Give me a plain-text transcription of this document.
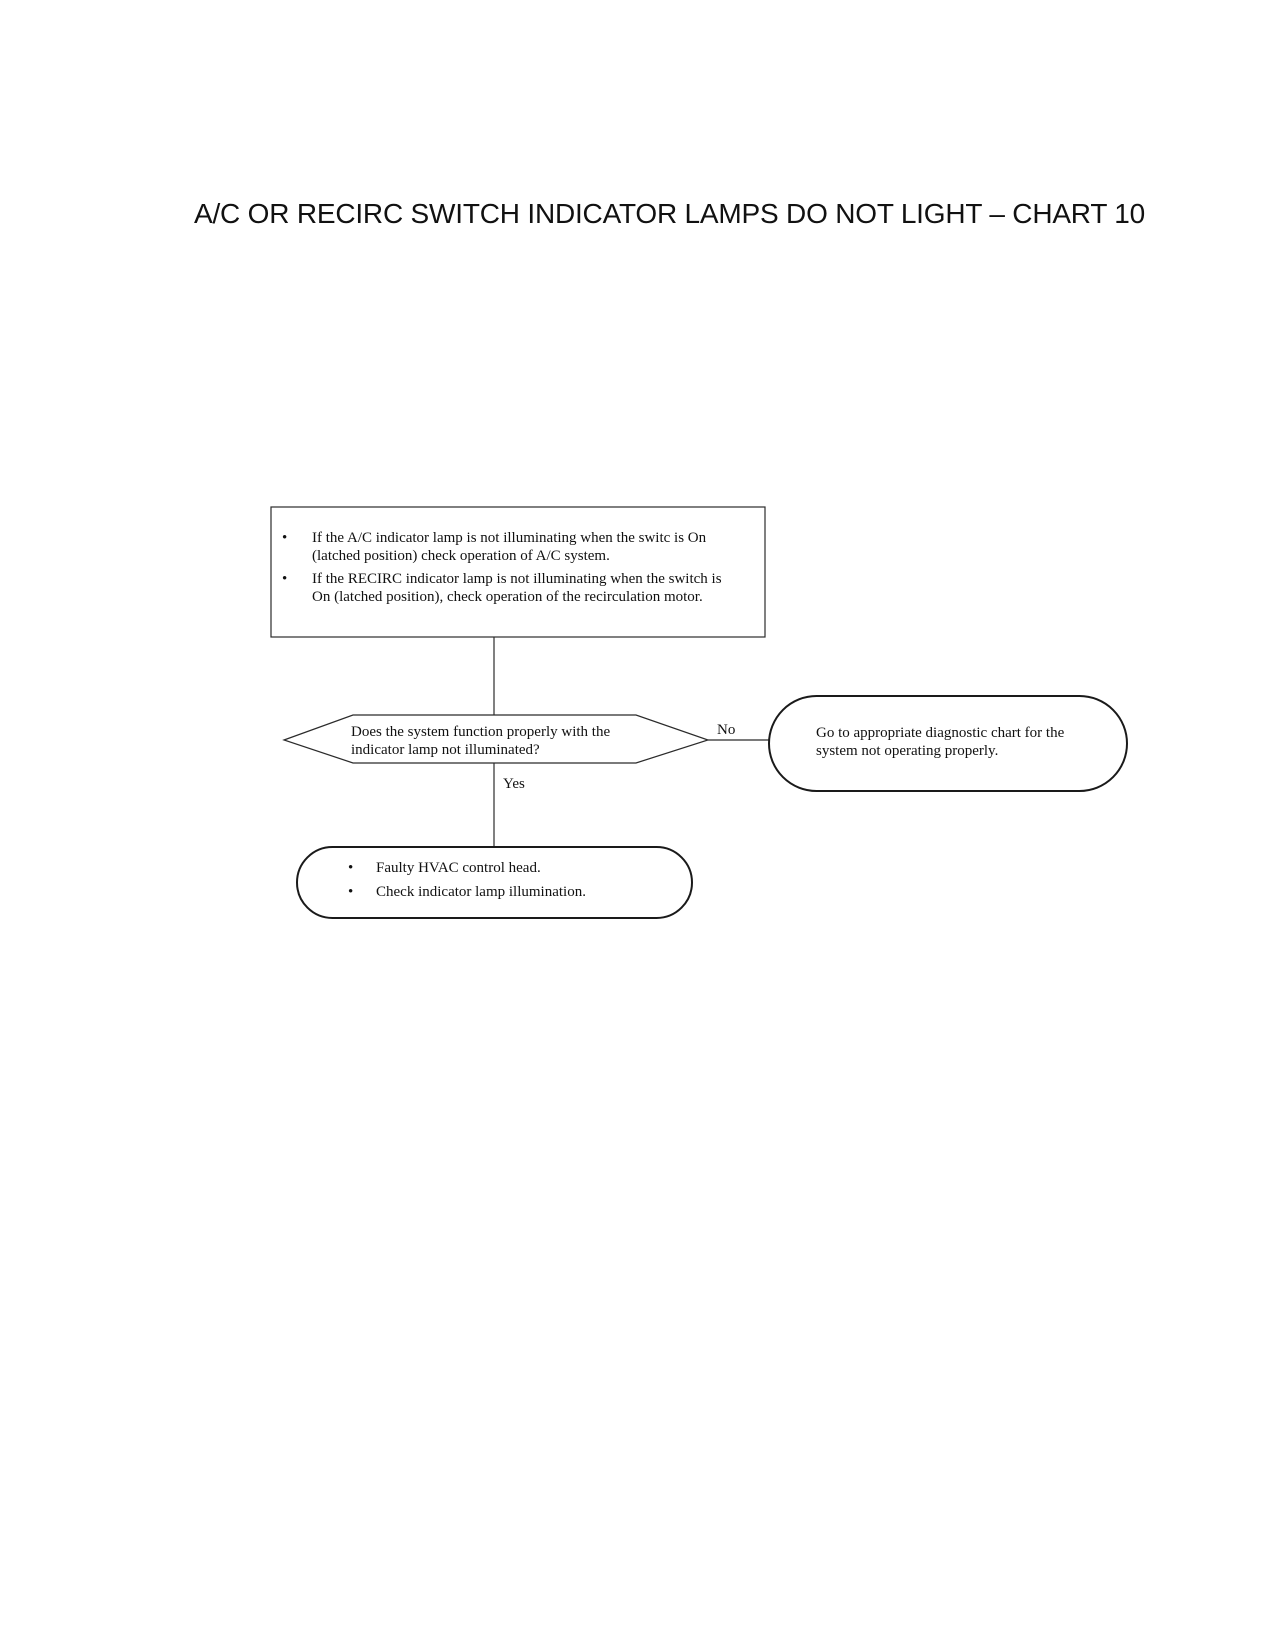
A/C OR RECIRC SWITCH INDICATOR LAMPS DO NOT LIGHT – CHART 10
• If the A/C indicator lamp is not illuminating when the switc is On (latched position) check operation of A/C system.
• If the RECIRC indicator lamp is not illuminating when the switch is On (latched position), check operation of the recirculation motor.
Does the system function properly with the indicator lamp not illuminated?
No
Yes
Go to appropriate diagnostic chart for the system not operating properly.
• Faulty HVAC control head.
• Check indicator lamp illumination.
